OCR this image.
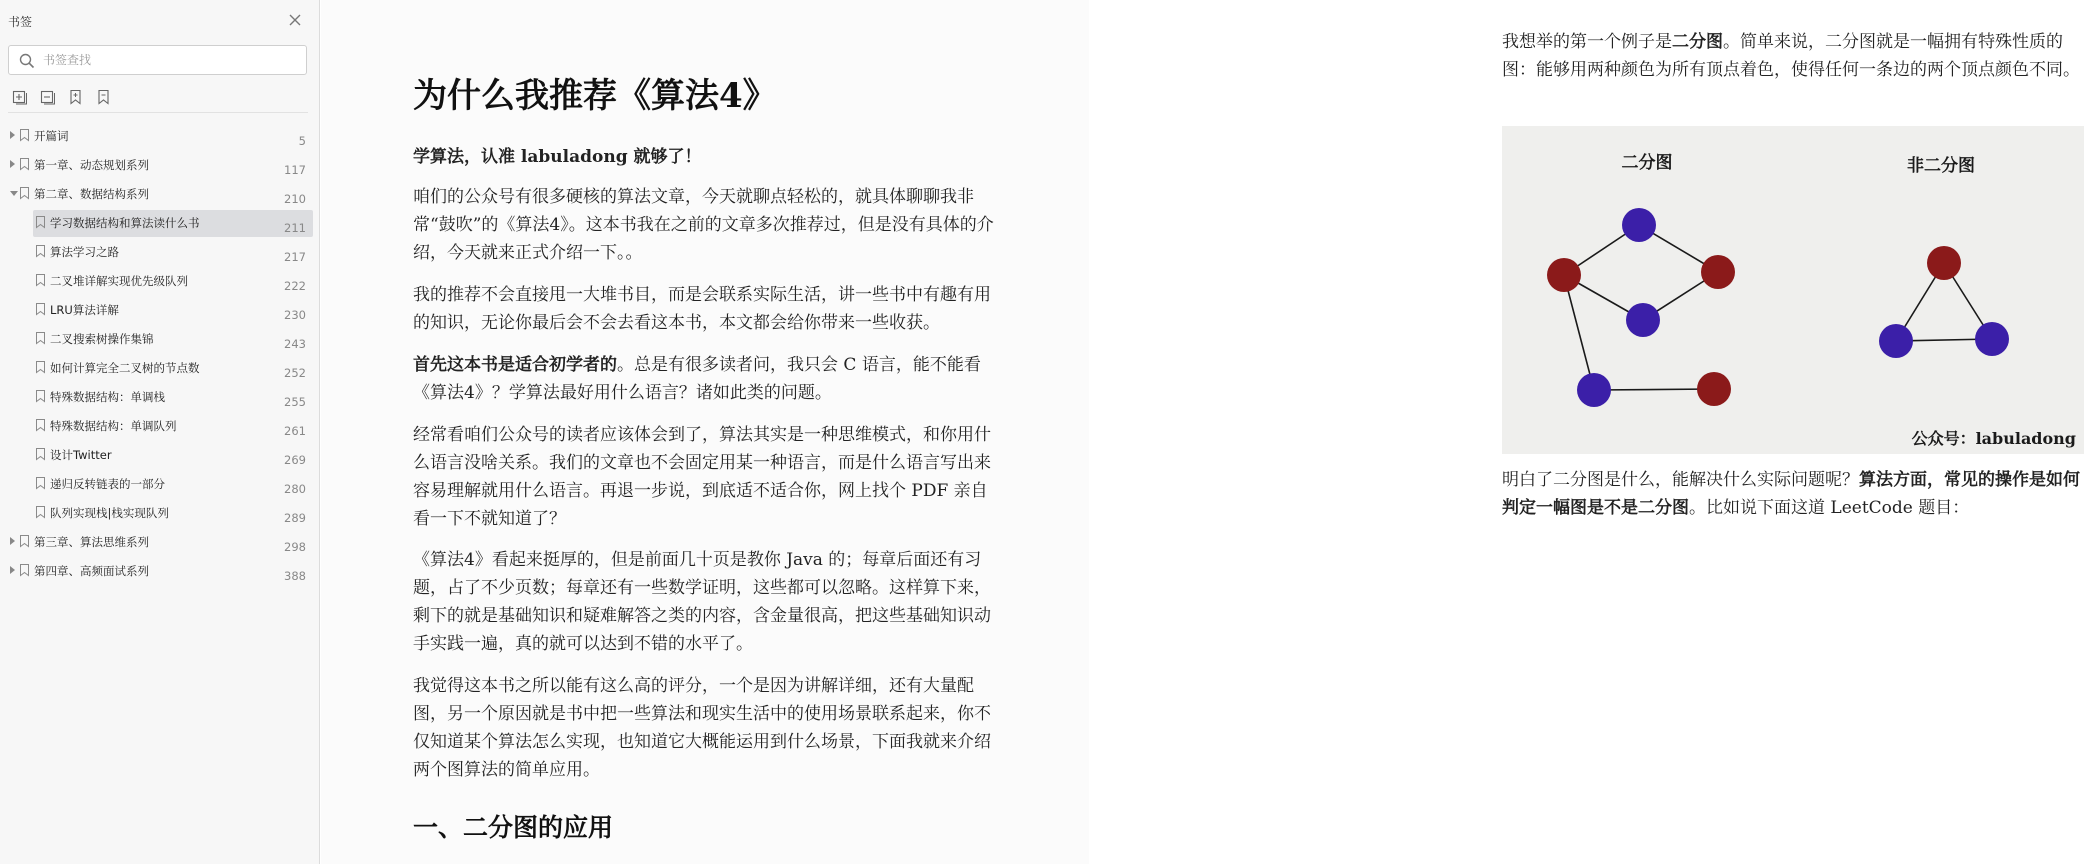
书签
书签查找
开篇词	5
第一章、动态规划系列	117
第二章、数据结构系列	210
学习数据结构和算法读什么书	211
算法学习之路	217
二叉堆详解实现优先级队列	222
LRU算法详解	230
二叉搜索树操作集锦	243
如何计算完全二叉树的节点数	252
特殊数据结构：单调栈	255
特殊数据结构：单调队列	261
设计Twitter	269
递归反转链表的一部分	280
队列实现栈|栈实现队列	289
第三章、算法思维系列	298
第四章、高频面试系列	388
为什么我推荐《算法4》
学算法，认准 labuladong 就够了！
咱们的公众号有很多硬核的算法文章，今天就聊点轻松的，就具体聊聊我非常“鼓吹”的《算法4》。这本书我在之前的文章多次推荐过，但是没有具体的介绍，今天就来正式介绍一下。。
我的推荐不会直接甩一大堆书目，而是会联系实际生活，讲一些书中有趣有用的知识，无论你最后会不会去看这本书，本文都会给你带来一些收获。
首先这本书是适合初学者的。总是有很多读者问，我只会 C 语言，能不能看《算法4》？学算法最好用什么语言？诸如此类的问题。
经常看咱们公众号的读者应该体会到了，算法其实是一种思维模式，和你用什么语言没啥关系。我们的文章也不会固定用某一种语言，而是什么语言写出来容易理解就用什么语言。再退一步说，到底适不适合你，网上找个 PDF 亲自看一下不就知道了？
《算法4》看起来挺厚的，但是前面几十页是教你 Java 的；每章后面还有习题，占了不少页数；每章还有一些数学证明，这些都可以忽略。这样算下来，剩下的就是基础知识和疑难解答之类的内容，含金量很高，把这些基础知识动手实践一遍，真的就可以达到不错的水平了。
我觉得这本书之所以能有这么高的评分，一个是因为讲解详细，还有大量配图，另一个原因就是书中把一些算法和现实生活中的使用场景联系起来，你不仅知道某个算法怎么实现，也知道它大概能运用到什么场景，下面我就来介绍两个图算法的简单应用。
一、二分图的应用
我想举的第一个例子是二分图。简单来说，二分图就是一幅拥有特殊性质的图：能够用两种颜色为所有顶点着色，使得任何一条边的两个顶点颜色不同。
二分图	非二分图
公众号：labuladong
明白了二分图是什么，能解决什么实际问题呢？算法方面，常见的操作是如何判定一幅图是不是二分图。比如说下面这道 LeetCode 题目：
